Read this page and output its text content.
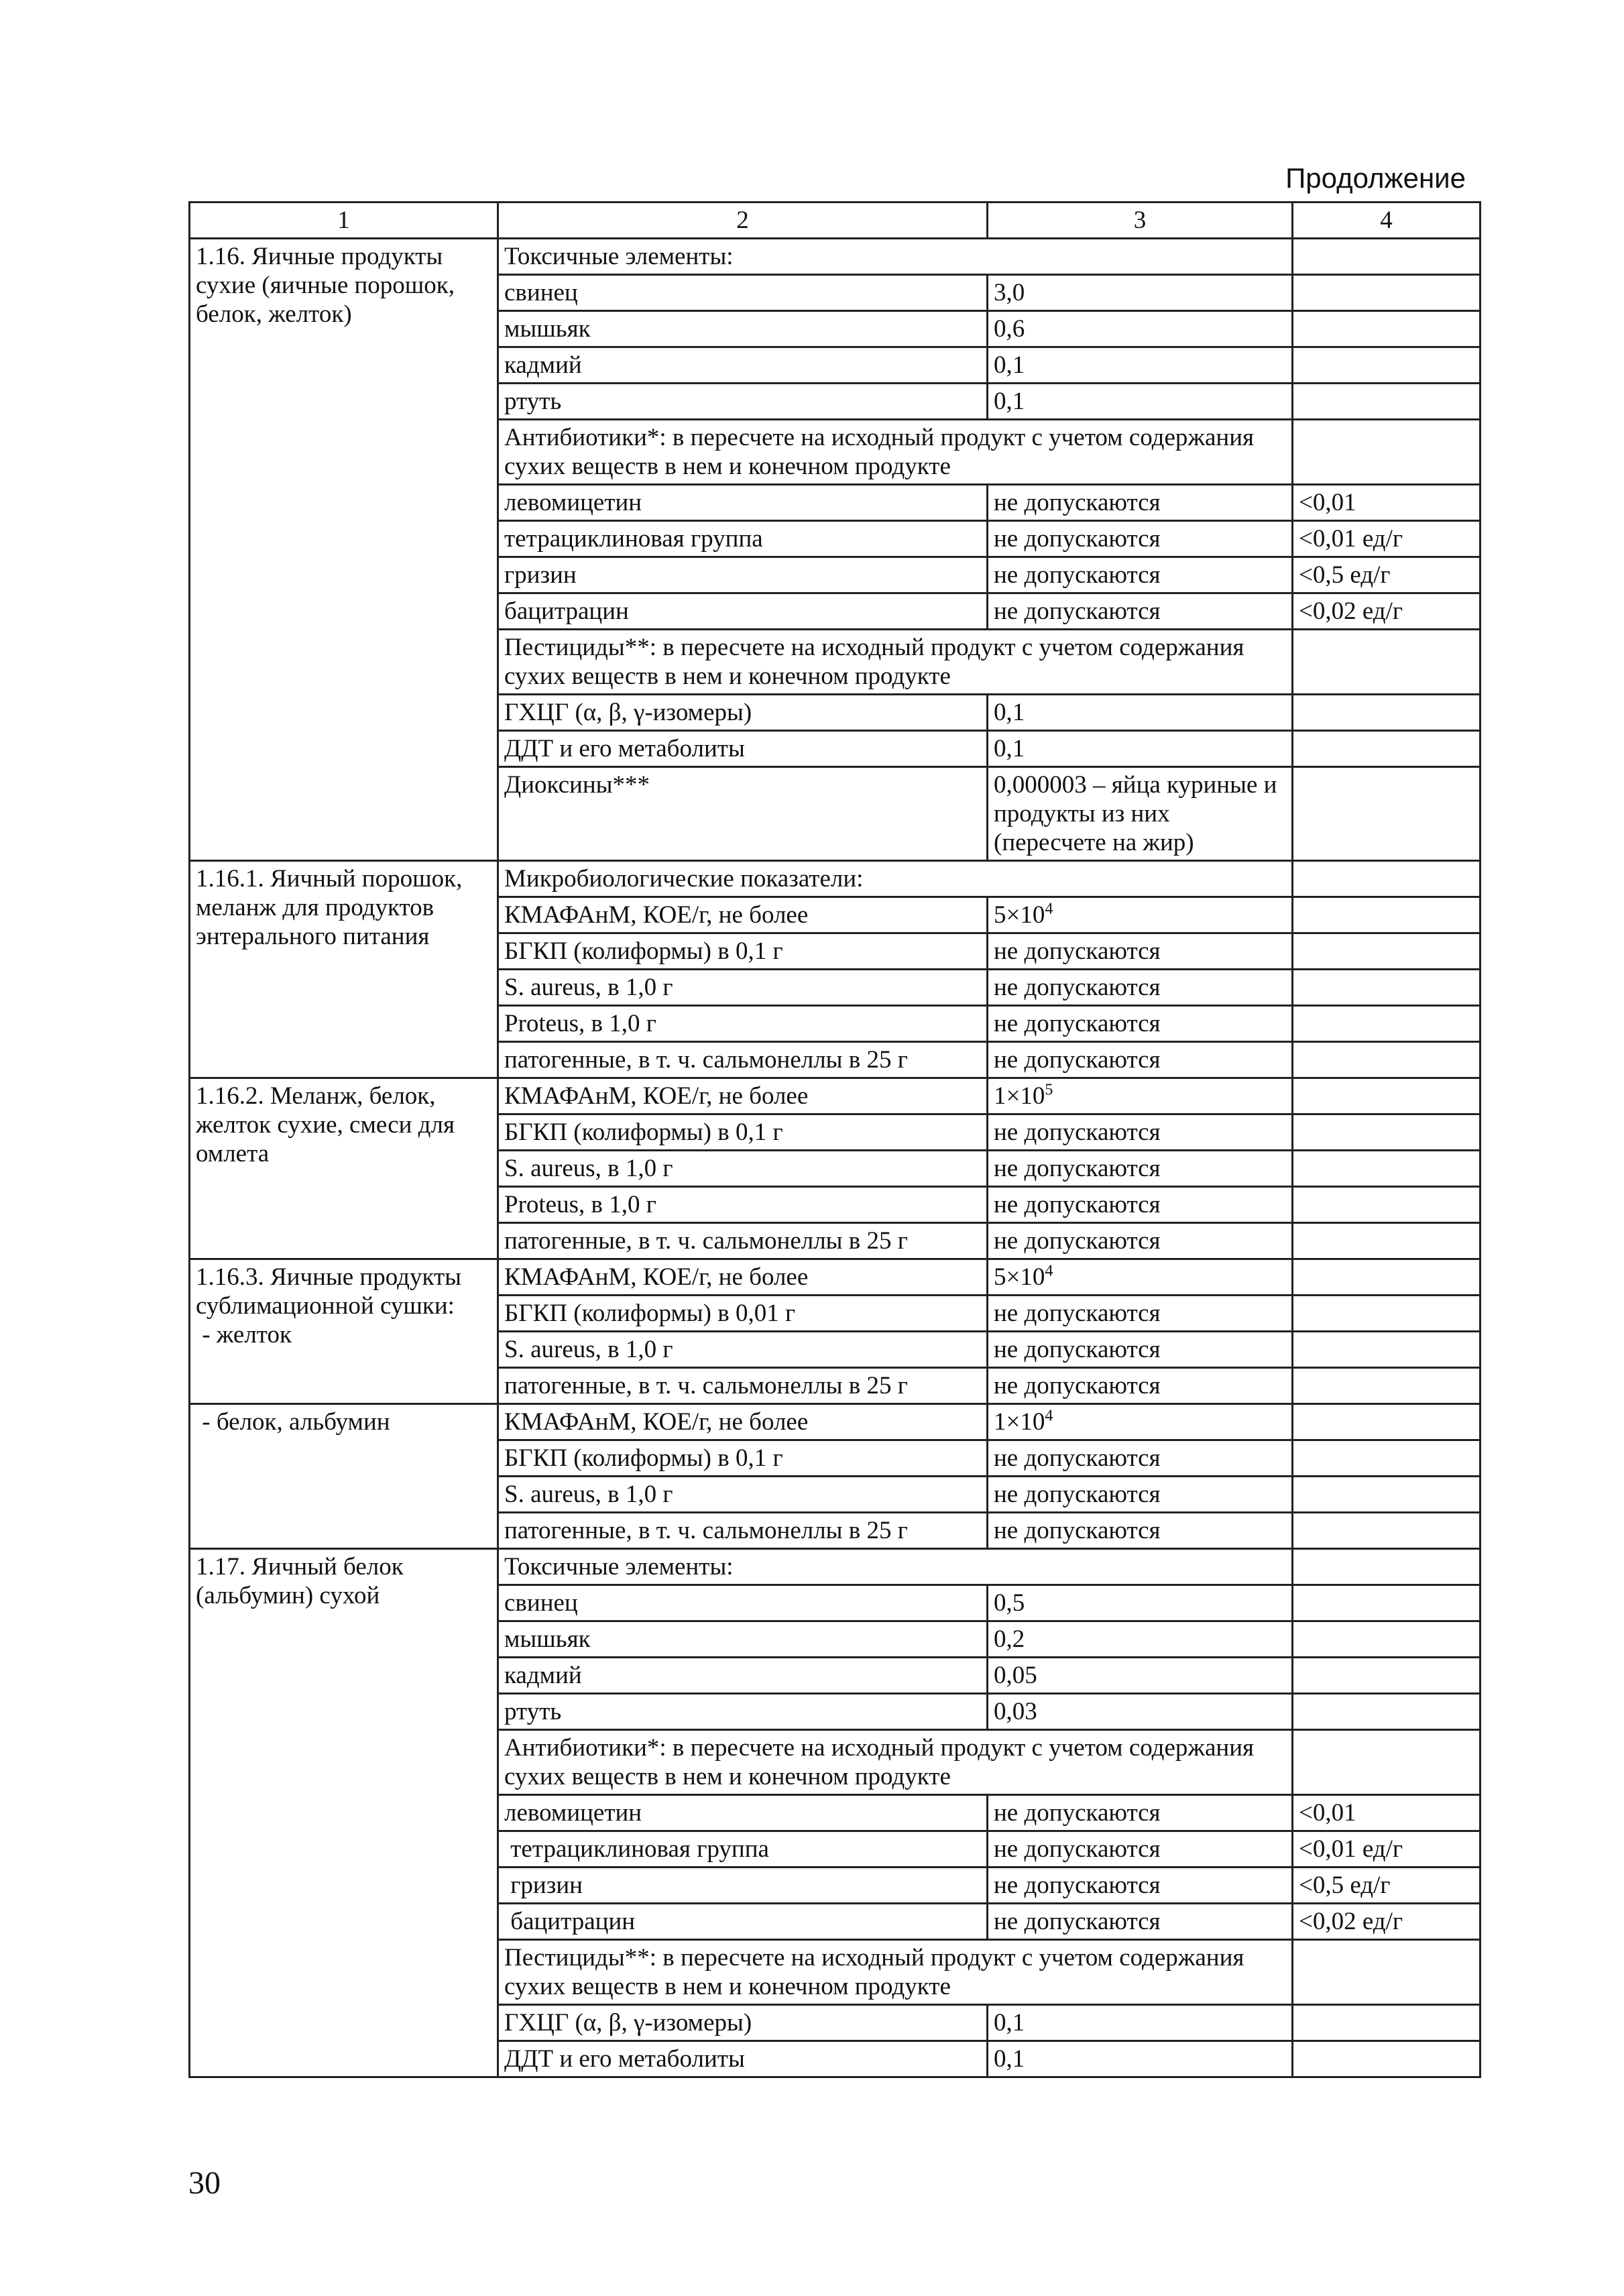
Продолжение
1	2	3	4
1.16. Яичные продукты сухие (яичные порошок, белок, желток)	Токсичные элементы:		
	свинец	3,0	
	мышьяк	0,6	
	кадмий	0,1	
	ртуть	0,1	
	Антибиотики*: в пересчете на исходный продукт с учетом содержания сухих веществ в нем и конечном продукте		
	левомицетин	не допускаются	<0,01
	тетрациклиновая группа	не допускаются	<0,01 ед/г
	гризин	не допускаются	<0,5 ед/г
	бацитрацин	не допускаются	<0,02 ед/г
	Пестициды**: в пересчете на исходный продукт с учетом содержания сухих веществ в нем и конечном продукте		
	ГХЦГ (α, β, γ-изомеры)	0,1	
	ДДТ и его метаболиты	0,1	
	Диоксины***	0,000003 – яйца куриные и продукты из них (пересчете на жир)	
1.16.1. Яичный порошок, меланж для продуктов энтерального питания	Микробиологические показатели:		
	КМАФАнМ, КОЕ/г, не более	$5\times 10^4$	
	БГКП (колиформы) в 0,1 г	не допускаются	
	S. aureus, в 1,0 г	не допускаются	
	Proteus, в 1,0 г	не допускаются	
	патогенные, в т. ч. сальмонеллы в 25 г	не допускаются	
1.16.2. Меланж, белок, желток сухие, смеси для омлета	КМАФАнМ, КОЕ/г, не более	$1\times 10^5$	
	БГКП (колиформы) в 0,1 г	не допускаются	
	S. aureus, в 1,0 г	не допускаются	
	Proteus, в 1,0 г	не допускаются	
	патогенные, в т. ч. сальмонеллы в 25 г	не допускаются	
1.16.3. Яичные продукты сублимационной сушки:
- желток	КМАФАнМ, КОЕ/г, не более	$5\times 10^4$	
	БГКП (колиформы) в 0,01 г	не допускаются	
	S. aureus, в 1,0 г	не допускаются	
	патогенные, в т. ч. сальмонеллы в 25 г	не допускаются	
- белок, альбумин	КМАФАнМ, КОЕ/г, не более	$1\times 10^4$	
	БГКП (колиформы) в 0,1 г	не допускаются	
	S. aureus, в 1,0 г	не допускаются	
	патогенные, в т. ч. сальмонеллы в 25 г	не допускаются	
1.17. Яичный белок (альбумин) сухой	Токсичные элементы:		
	свинец	0,5	
	мышьяк	0,2	
	кадмий	0,05	
	ртуть	0,03	
	Антибиотики*: в пересчете на исходный продукт с учетом содержания сухих веществ в нем и конечном продукте		
	левомицетин	не допускаются	<0,01
	тетрациклиновая группа	не допускаются	<0,01 ед/г
	гризин	не допускаются	<0,5 ед/г
	бацитрацин	не допускаются	<0,02 ед/г
	Пестициды**: в пересчете на исходный продукт с учетом содержания сухих веществ в нем и конечном продукте		
	ГХЦГ (α, β, γ-изомеры)	0,1	
	ДДТ и его метаболиты	0,1	
30
